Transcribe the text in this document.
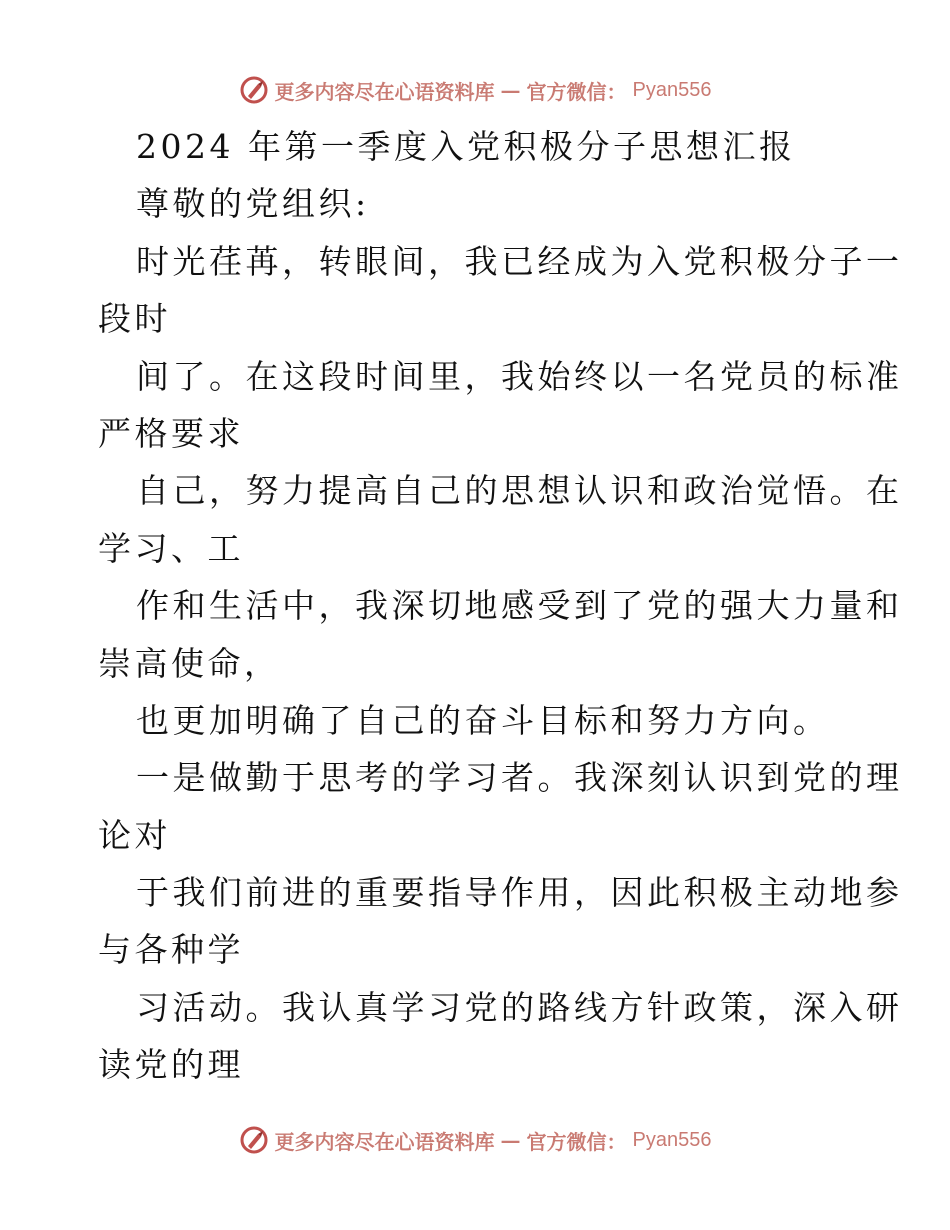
更多内容尽在心语资料库 — 官方微信： Pyan556
2024 年第一季度入党积极分子思想汇报
尊敬的党组织:
时光荏苒，转眼间，我已经成为入党积极分子一
段时
间了。在这段时间里，我始终以一名党员的标准
严格要求
自己，努力提高自己的思想认识和政治觉悟。在
学习、工
作和生活中，我深切地感受到了党的强大力量和
崇高使命，
也更加明确了自己的奋斗目标和努力方向。
一是做勤于思考的学习者。我深刻认识到党的理
论对
于我们前进的重要指导作用，因此积极主动地参
与各种学
习活动。我认真学习党的路线方针政策，深入研
读党的理
更多内容尽在心语资料库 — 官方微信： Pyan556
